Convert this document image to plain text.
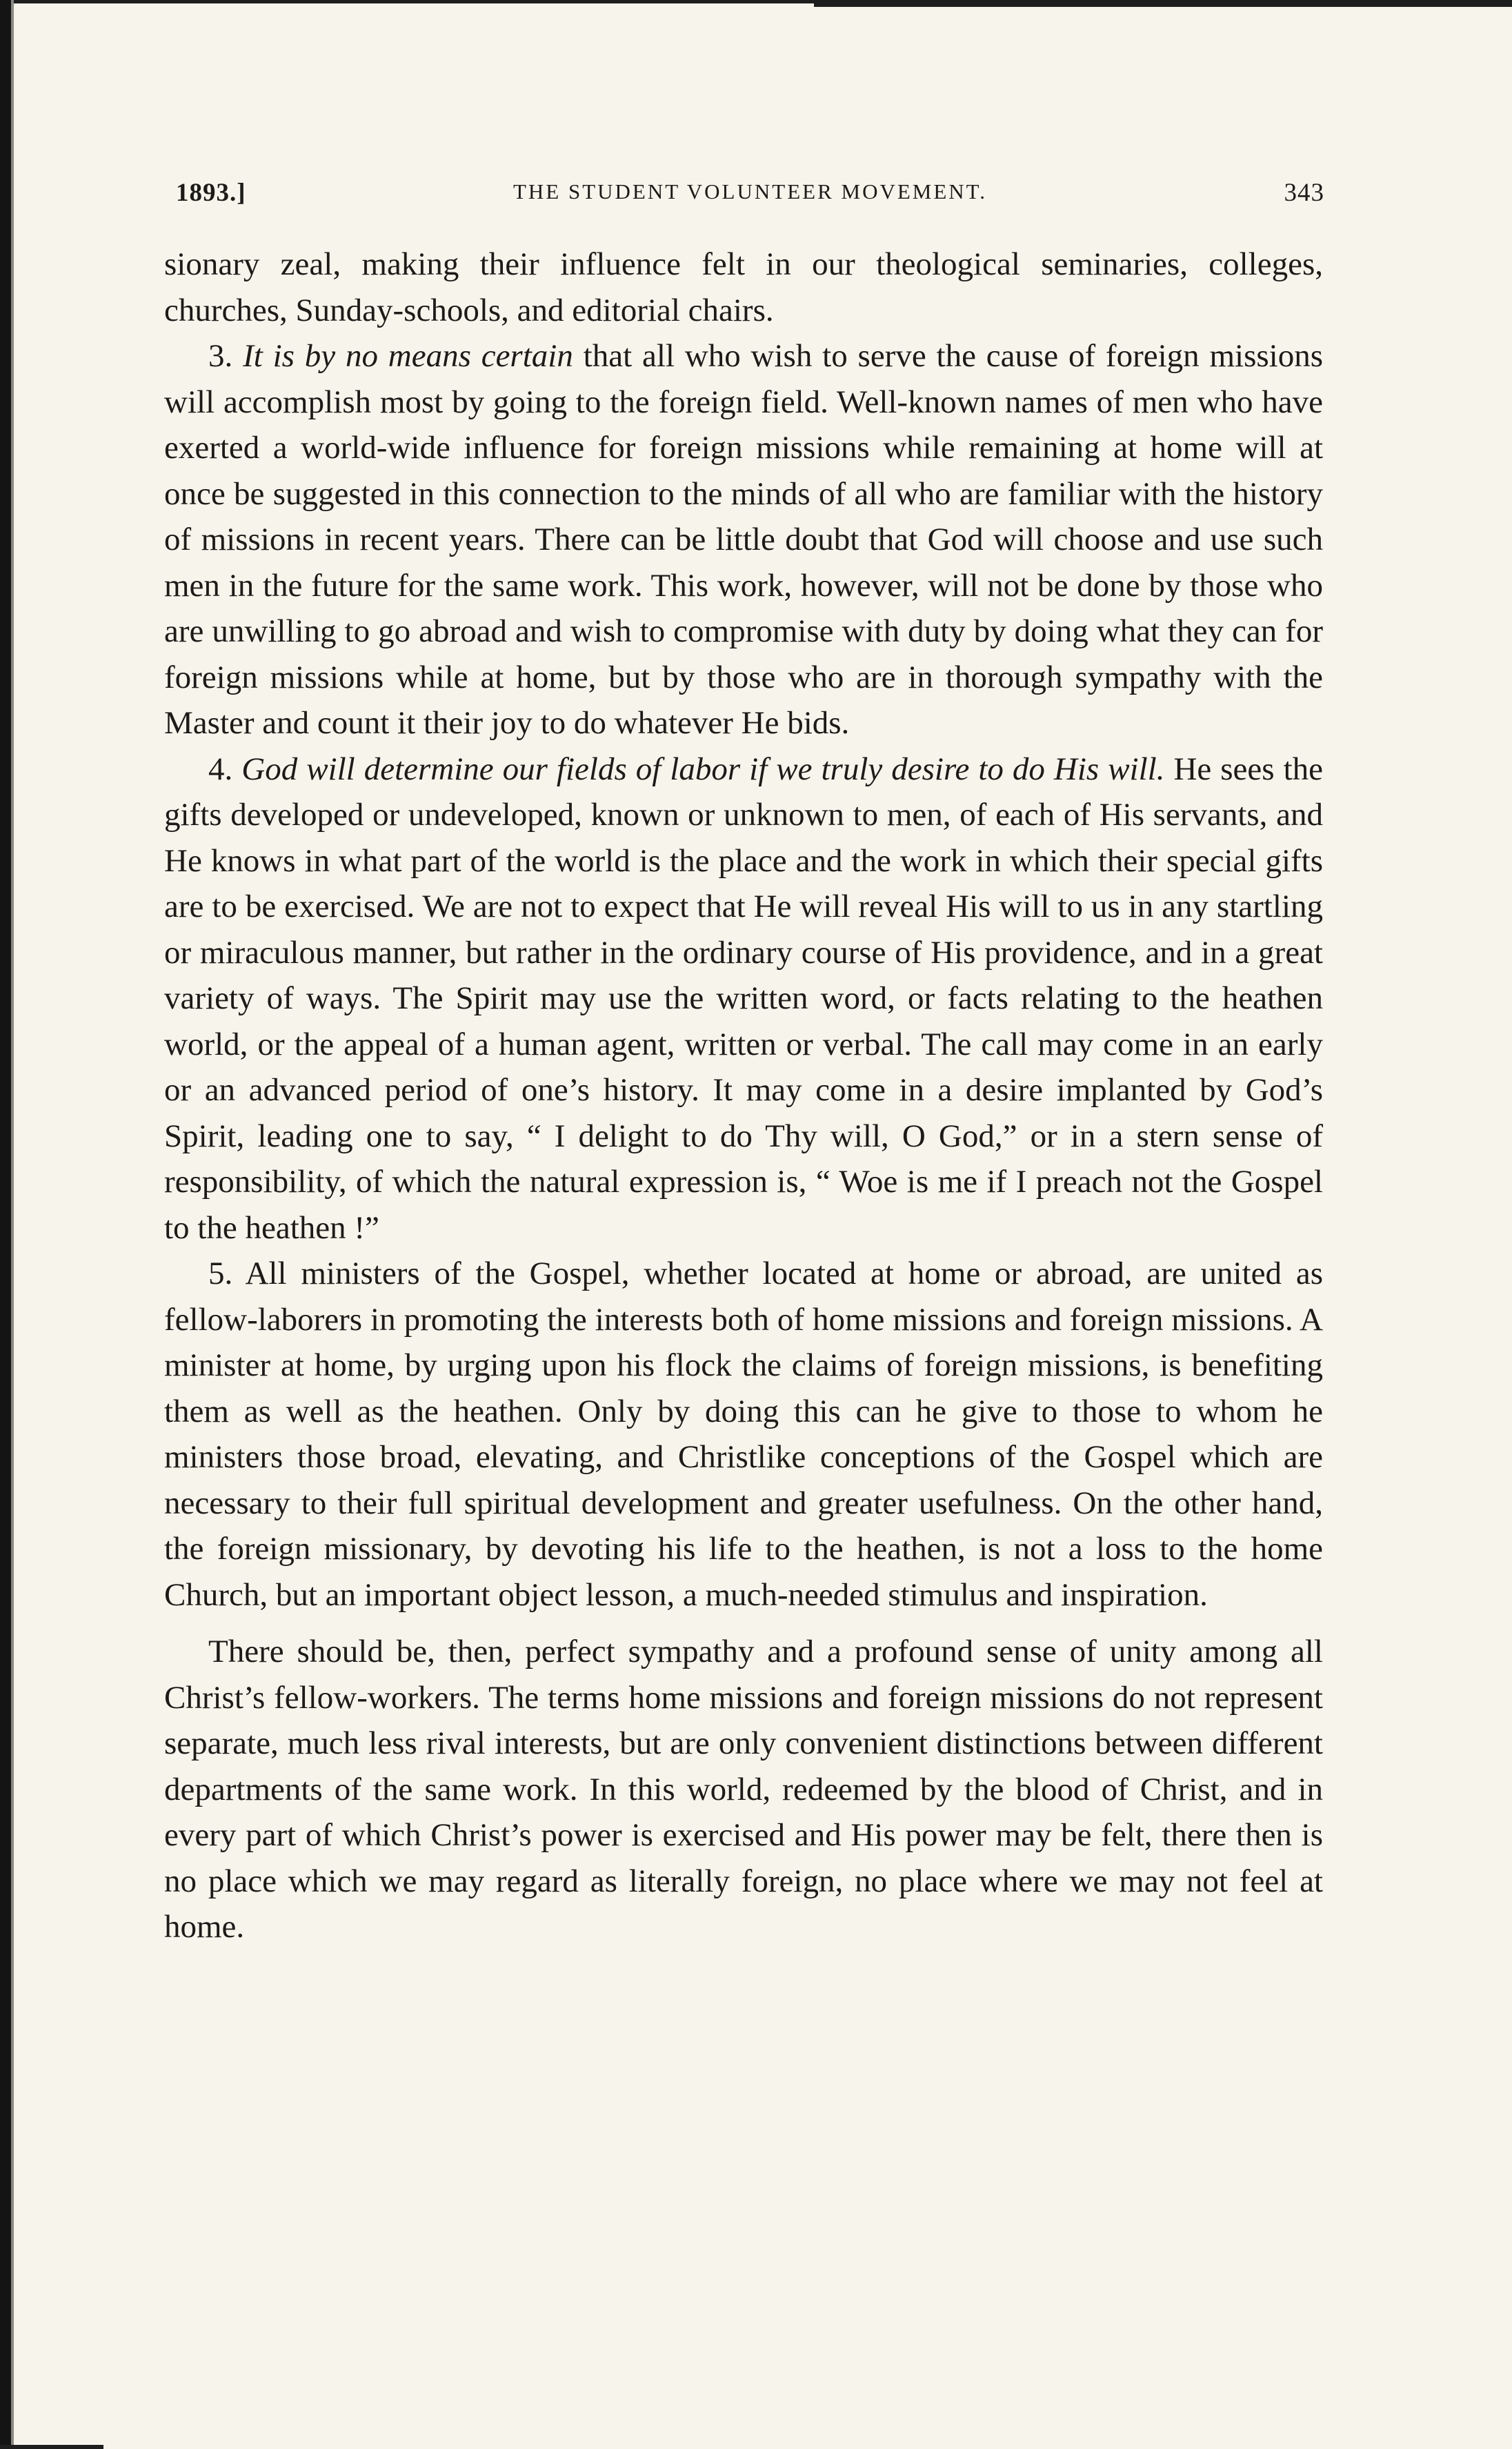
1893.]	THE STUDENT VOLUNTEER MOVEMENT.	343

sionary zeal, making their influence felt in our theological seminaries, colleges, churches, Sunday-schools, and editorial chairs.

3. It is by no means certain that all who wish to serve the cause of foreign missions will accomplish most by going to the foreign field. Well-known names of men who have exerted a world-wide influence for foreign missions while remaining at home will at once be suggested in this connection to the minds of all who are familiar with the history of missions in recent years. There can be little doubt that God will choose and use such men in the future for the same work. This work, however, will not be done by those who are unwilling to go abroad and wish to compromise with duty by doing what they can for foreign missions while at home, but by those who are in thorough sympathy with the Master and count it their joy to do whatever He bids.

4. God will determine our fields of labor if we truly desire to do His will. He sees the gifts developed or undeveloped, known or unknown to men, of each of His servants, and He knows in what part of the world is the place and the work in which their special gifts are to be exercised. We are not to expect that He will reveal His will to us in any startling or miraculous manner, but rather in the ordinary course of His providence, and in a great variety of ways. The Spirit may use the written word, or facts relating to the heathen world, or the appeal of a human agent, written or verbal. The call may come in an early or an advanced period of one’s history. It may come in a desire implanted by God’s Spirit, leading one to say, “ I delight to do Thy will, O God,” or in a stern sense of responsibility, of which the natural expression is, “ Woe is me if I preach not the Gospel to the heathen !”

5. All ministers of the Gospel, whether located at home or abroad, are united as fellow-laborers in promoting the interests both of home missions and foreign missions. A minister at home, by urging upon his flock the claims of foreign missions, is benefiting them as well as the heathen. Only by doing this can he give to those to whom he ministers those broad, elevating, and Christlike conceptions of the Gospel which are necessary to their full spiritual development and greater usefulness. On the other hand, the foreign missionary, by devoting his life to the heathen, is not a loss to the home Church, but an important object lesson, a much-needed stimulus and inspiration.

There should be, then, perfect sympathy and a profound sense of unity among all Christ’s fellow-workers. The terms home missions and foreign missions do not represent separate, much less rival interests, but are only convenient distinctions between different departments of the same work. In this world, redeemed by the blood of Christ, and in every part of which Christ’s power is exercised and His power may be felt, there then is no place which we may regard as literally foreign, no place where we may not feel at home.
